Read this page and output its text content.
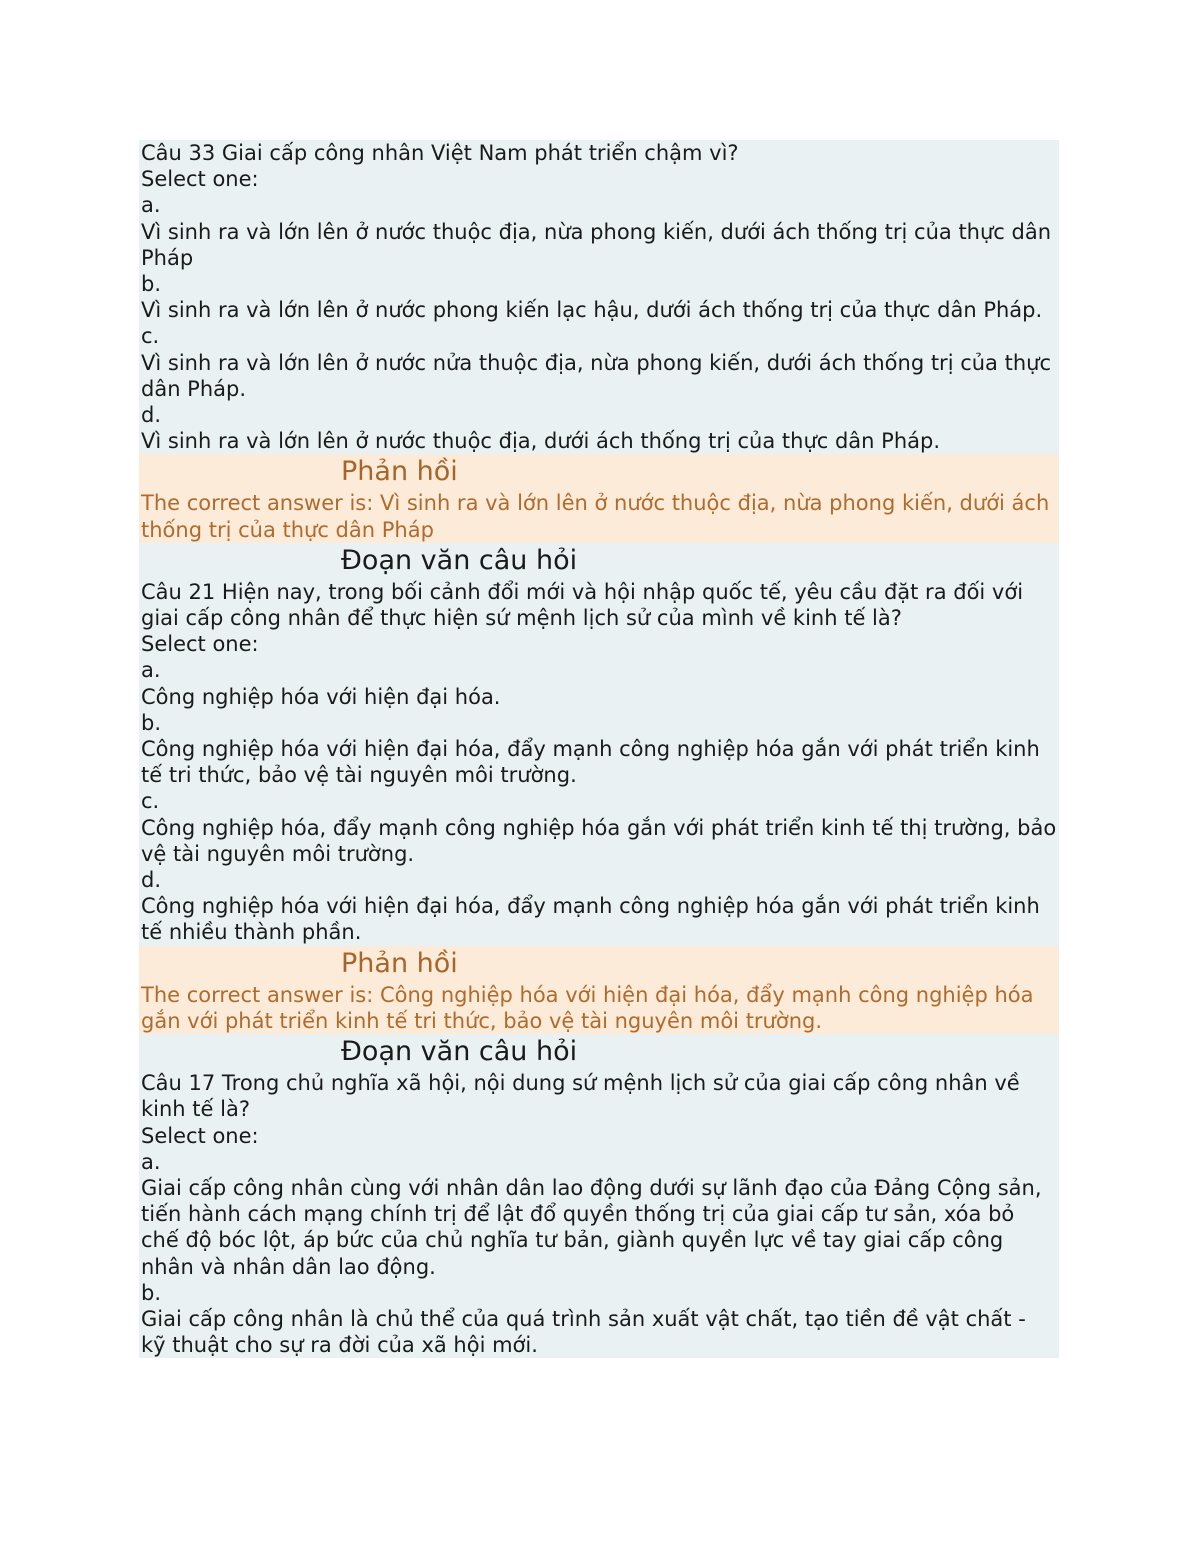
Câu 33 Giai cấp công nhân Việt Nam phát triển chậm vì?
Select one:
a.
Vì sinh ra và lớn lên ở nước thuộc địa, nừa phong kiến, dưới ách thống trị của thực dân Pháp
b.
Vì sinh ra và lớn lên ở nước phong kiến lạc hậu, dưới ách thống trị của thực dân Pháp.
c.
Vì sinh ra và lớn lên ở nước nửa thuộc địa, nừa phong kiến, dưới ách thống trị của thực dân Pháp.
d.
Vì sinh ra và lớn lên ở nước thuộc địa, dưới ách thống trị của thực dân Pháp.
Phản hồi
The correct answer is: Vì sinh ra và lớn lên ở nước thuộc địa, nừa phong kiến, dưới ách thống trị của thực dân Pháp
Đoạn văn câu hỏi
Câu 21 Hiện nay, trong bối cảnh đổi mới và hội nhập quốc tế, yêu cầu đặt ra đối với giai cấp công nhân để thực hiện sứ mệnh lịch sử của mình về kinh tế là?
Select one:
a.
Công nghiệp hóa với hiện đại hóa.
b.
Công nghiệp hóa với hiện đại hóa, đẩy mạnh công nghiệp hóa gắn với phát triển kinh tế tri thức, bảo vệ tài nguyên môi trường.
c.
Công nghiệp hóa, đẩy mạnh công nghiệp hóa gắn với phát triển kinh tế thị trường, bảo vệ tài nguyên môi trường.
d.
Công nghiệp hóa với hiện đại hóa, đẩy mạnh công nghiệp hóa gắn với phát triển kinh tế nhiều thành phần.
Phản hồi
The correct answer is: Công nghiệp hóa với hiện đại hóa, đẩy mạnh công nghiệp hóa gắn với phát triển kinh tế tri thức, bảo vệ tài nguyên môi trường.
Đoạn văn câu hỏi
Câu 17 Trong chủ nghĩa xã hội, nội dung sứ mệnh lịch sử của giai cấp công nhân về kinh tế là?
Select one:
a.
Giai cấp công nhân cùng với nhân dân lao động dưới sự lãnh đạo của Đảng Cộng sản, tiến hành cách mạng chính trị để lật đổ quyền thống trị của giai cấp tư sản, xóa bỏ chế độ bóc lột, áp bức của chủ nghĩa tư bản, giành quyền lực về tay giai cấp công nhân và nhân dân lao động.
b.
Giai cấp công nhân là chủ thể của quá trình sản xuất vật chất, tạo tiền đề vật chất - kỹ thuật cho sự ra đời của xã hội mới.
